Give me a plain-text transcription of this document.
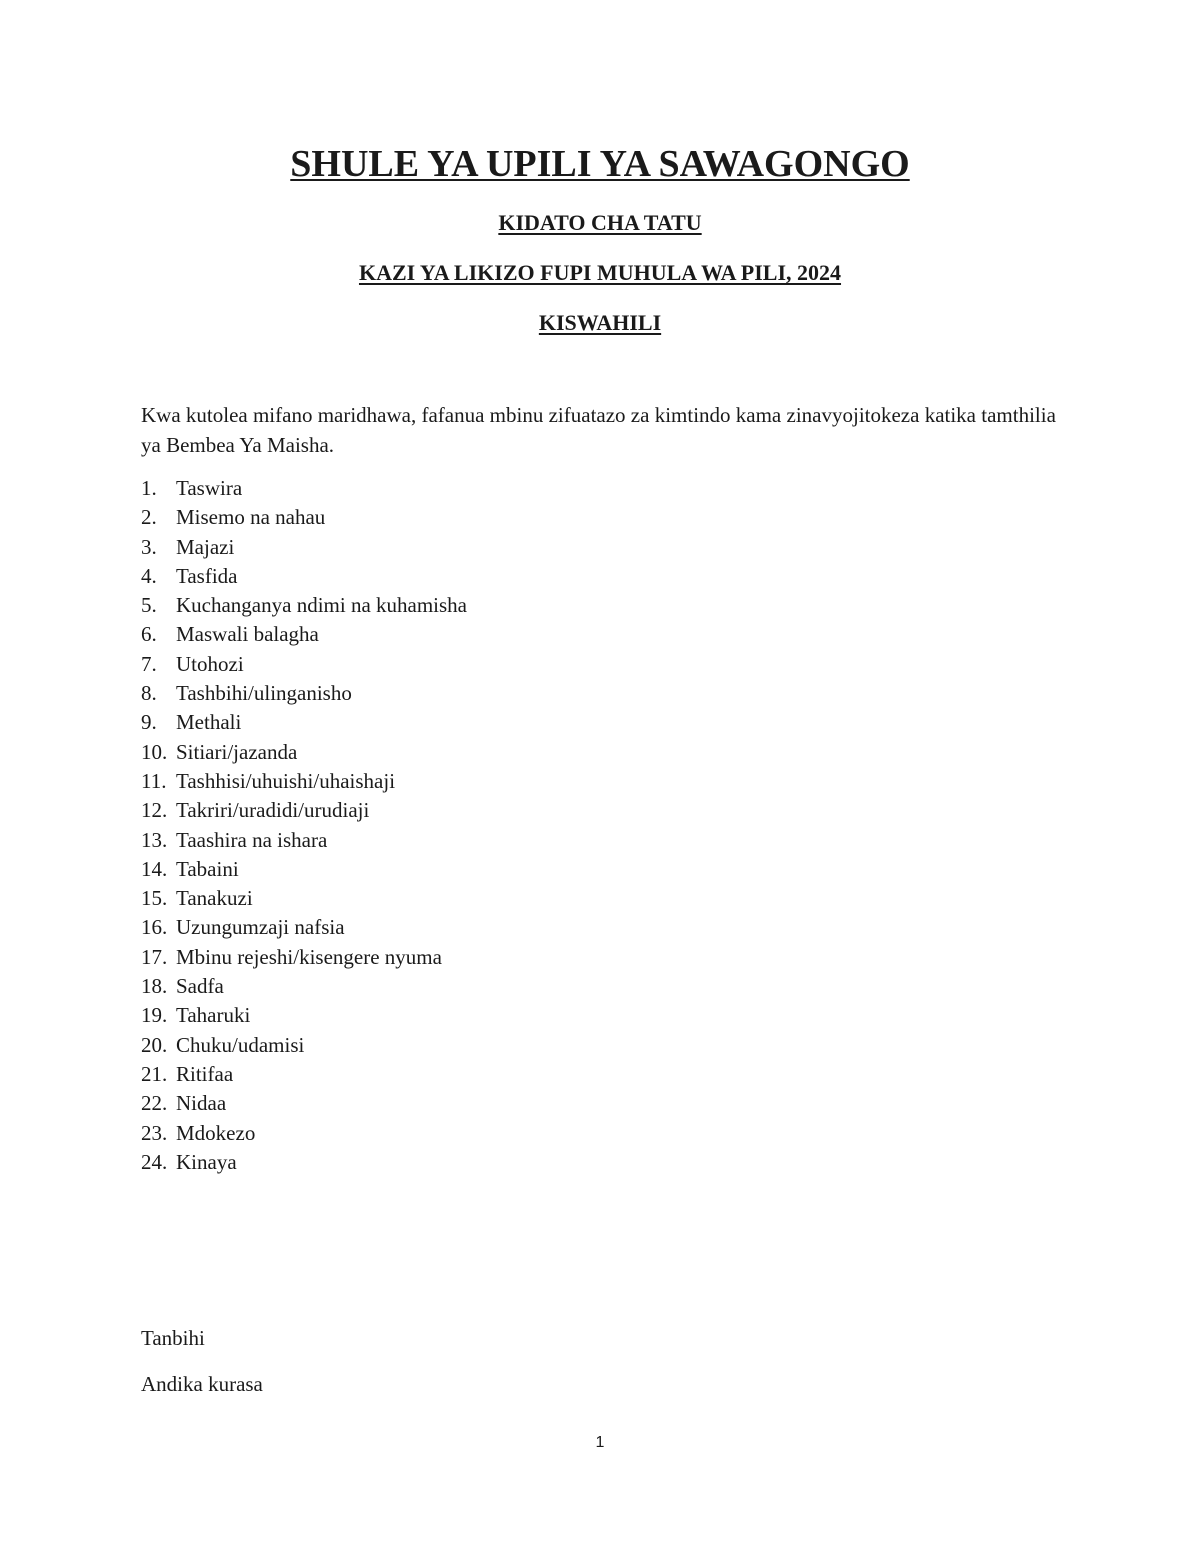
SHULE YA UPILI YA SAWAGONGO
KIDATO CHA TATU
KAZI YA LIKIZO FUPI MUHULA WA PILI, 2024
KISWAHILI

Kwa kutolea mifano maridhawa, fafanua mbinu zifuatazo za kimtindo kama zinavyojitokeza katika tamthilia ya Bembea Ya Maisha.

1. Taswira
2. Misemo na nahau
3. Majazi
4. Tasfida
5. Kuchanganya ndimi na kuhamisha
6. Maswali balagha
7. Utohozi
8. Tashbihi/ulinganisho
9. Methali
10. Sitiari/jazanda
11. Tashhisi/uhuishi/uhaishaji
12. Takriri/uradidi/urudiaji
13. Taashira na ishara
14. Tabaini
15. Tanakuzi
16. Uzungumzaji nafsia
17. Mbinu rejeshi/kisengere nyuma
18. Sadfa
19. Taharuki
20. Chuku/udamisi
21. Ritifaa
22. Nidaa
23. Mdokezo
24. Kinaya

Tanbihi

Andika kurasa

1
